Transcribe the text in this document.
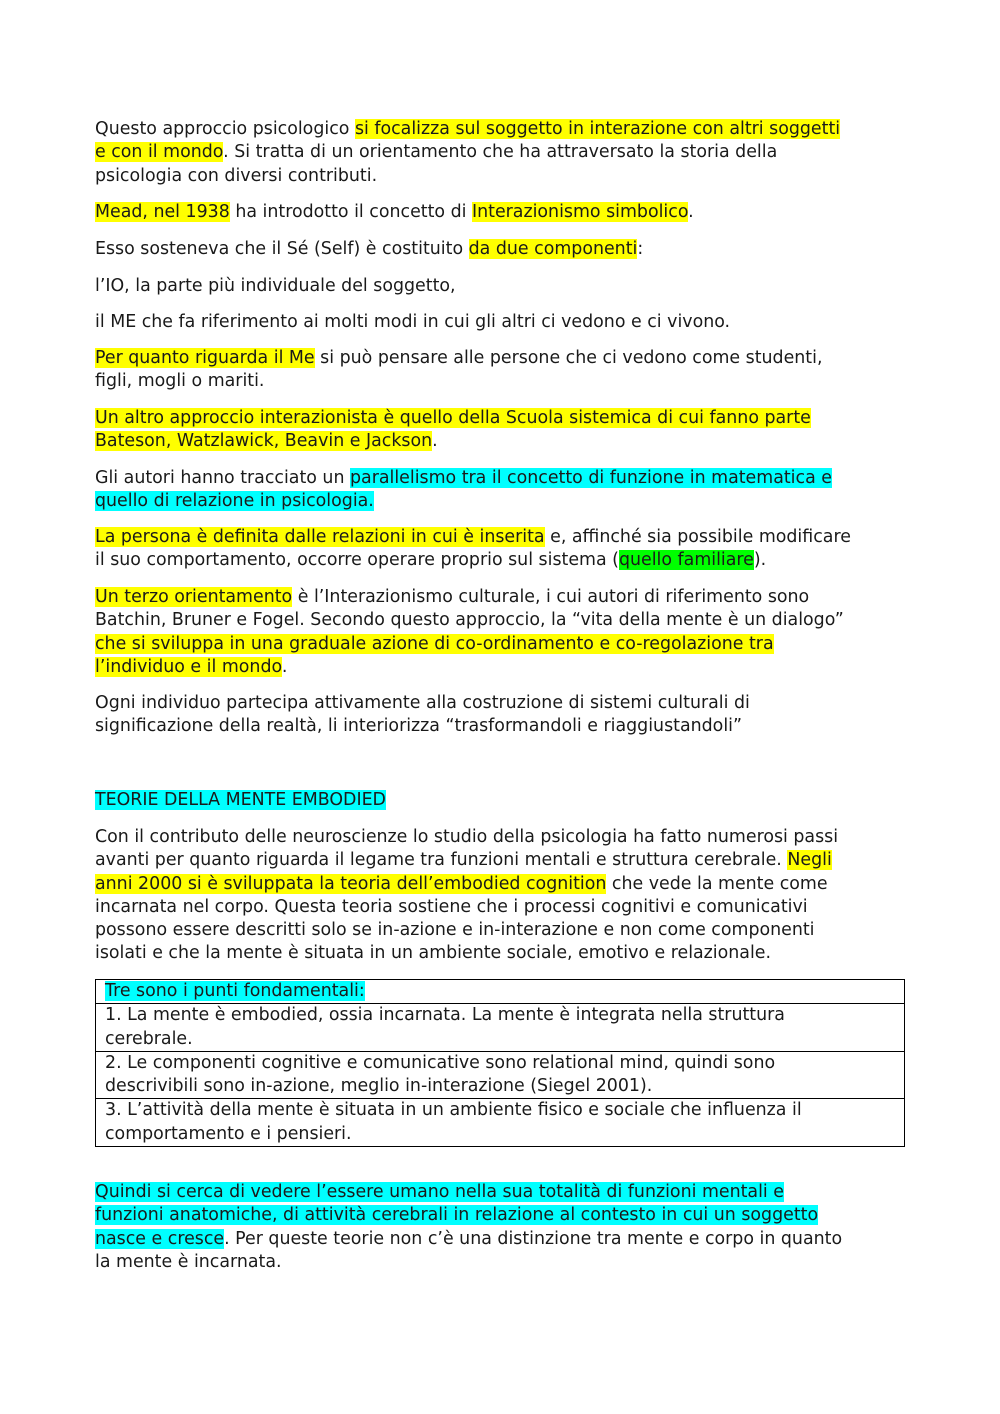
Questo approccio psicologico si focalizza sul soggetto in interazione con altri soggetti
e con il mondo. Si tratta di un orientamento che ha attraversato la storia della
psicologia con diversi contributi.

Mead, nel 1938 ha introdotto il concetto di Interazionismo simbolico.

Esso sosteneva che il Sé (Self) è costituito da due componenti:

l’IO, la parte più individuale del soggetto,

il ME che fa riferimento ai molti modi in cui gli altri ci vedono e ci vivono.

Per quanto riguarda il Me si può pensare alle persone che ci vedono come studenti,
figli, mogli o mariti.

Un altro approccio interazionista è quello della Scuola sistemica di cui fanno parte
Bateson, Watzlawick, Beavin e Jackson.

Gli autori hanno tracciato un parallelismo tra il concetto di funzione in matematica e
quello di relazione in psicologia.

La persona è definita dalle relazioni in cui è inserita e, affinché sia possibile modificare
il suo comportamento, occorre operare proprio sul sistema (quello familiare).

Un terzo orientamento è l’Interazionismo culturale, i cui autori di riferimento sono
Batchin, Bruner e Fogel. Secondo questo approccio, la “vita della mente è un dialogo”
che si sviluppa in una graduale azione di co-ordinamento e co-regolazione tra
l’individuo e il mondo.

Ogni individuo partecipa attivamente alla costruzione di sistemi culturali di
significazione della realtà, li interiorizza “trasformandoli e riaggiustandoli”

TEORIE DELLA MENTE EMBODIED

Con il contributo delle neuroscienze lo studio della psicologia ha fatto numerosi passi
avanti per quanto riguarda il legame tra funzioni mentali e struttura cerebrale. Negli
anni 2000 si è sviluppata la teoria dell’embodied cognition che vede la mente come
incarnata nel corpo. Questa teoria sostiene che i processi cognitivi e comunicativi
possono essere descritti solo se in-azione e in-interazione e non come componenti
isolati e che la mente è situata in un ambiente sociale, emotivo e relazionale.

Tre sono i punti fondamentali:
1. La mente è embodied, ossia incarnata. La mente è integrata nella struttura
cerebrale.
2. Le componenti cognitive e comunicative sono relational mind, quindi sono
descrivibili sono in-azione, meglio in-interazione (Siegel 2001).
3. L’attività della mente è situata in un ambiente fisico e sociale che influenza il
comportamento e i pensieri.

Quindi si cerca di vedere l’essere umano nella sua totalità di funzioni mentali e
funzioni anatomiche, di attività cerebrali in relazione al contesto in cui un soggetto
nasce e cresce. Per queste teorie non c’è una distinzione tra mente e corpo in quanto
la mente è incarnata.
